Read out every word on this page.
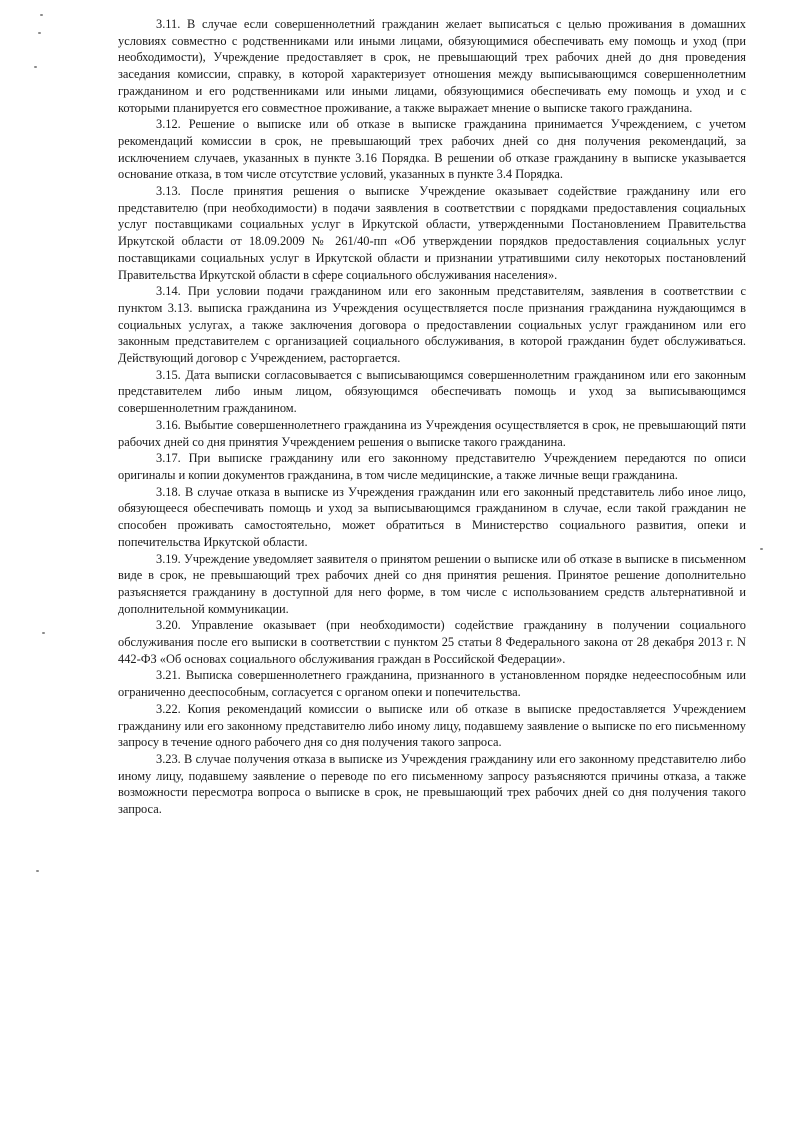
3.11. В случае если совершеннолетний гражданин желает выписаться с целью проживания в домашних условиях совместно с родственниками или иными лицами, обязующимися обеспечивать ему помощь и уход (при необходимости), Учреждение предоставляет в срок, не превышающий трех рабочих дней до дня проведения заседания комиссии, справку, в которой характеризует отношения между выписывающимся совершеннолетним гражданином и его родственниками или иными лицами, обязующимися обеспечивать ему помощь и уход и с которыми планируется его совместное проживание, а также выражает мнение о выписке такого гражданина.

3.12. Решение о выписке или об отказе в выписке гражданина принимается Учреждением, с учетом рекомендаций комиссии в срок, не превышающий трех рабочих дней со дня получения рекомендаций, за исключением случаев, указанных в пункте 3.16 Порядка. В решении об отказе гражданину в выписке указывается основание отказа, в том числе отсутствие условий, указанных в пункте 3.4 Порядка.

3.13. После принятия решения о выписке Учреждение оказывает содействие гражданину или его представителю (при необходимости) в подачи заявления в соответствии с порядками предоставления социальных услуг поставщиками социальных услуг в Иркутской области, утвержденными Постановлением Правительства Иркутской области от 18.09.2009 № 261/40-пп «Об утверждении порядков предоставления социальных услуг поставщиками социальных услуг в Иркутской области и признании утратившими силу некоторых постановлений Правительства Иркутской области в сфере социального обслуживания населения».

3.14. При условии подачи гражданином или его законным представителям, заявления в соответствии с пунктом 3.13. выписка гражданина из Учреждения осуществляется после признания гражданина нуждающимся в социальных услугах, а также заключения договора о предоставлении социальных услуг гражданином или его законным представителем с организацией социального обслуживания, в которой гражданин будет обслуживаться. Действующий договор с Учреждением, расторгается.

3.15. Дата выписки согласовывается с выписывающимся совершеннолетним гражданином или его законным представителем либо иным лицом, обязующимся обеспечивать помощь и уход за выписывающимся совершеннолетним гражданином.

3.16. Выбытие совершеннолетнего гражданина из Учреждения осуществляется в срок, не превышающий пяти рабочих дней со дня принятия Учреждением решения о выписке такого гражданина.

3.17. При выписке гражданину или его законному представителю Учреждением передаются по описи оригиналы и копии документов гражданина, в том числе медицинские, а также личные вещи гражданина.

3.18. В случае отказа в выписке из Учреждения гражданин или его законный представитель либо иное лицо, обязующееся обеспечивать помощь и уход за выписывающимся гражданином в случае, если такой гражданин не способен проживать самостоятельно, может обратиться в Министерство социального развития, опеки и попечительства Иркутской области.

3.19. Учреждение уведомляет заявителя о принятом решении о выписке или об отказе в выписке в письменном виде в срок, не превышающий трех рабочих дней со дня принятия решения. Принятое решение дополнительно разъясняется гражданину в доступной для него форме, в том числе с использованием средств альтернативной и дополнительной коммуникации.

3.20. Управление оказывает (при необходимости) содействие гражданину в получении социального обслуживания после его выписки в соответствии с пунктом 25 статьи 8 Федерального закона от 28 декабря 2013 г. N 442-ФЗ «Об основах социального обслуживания граждан в Российской Федерации».

3.21. Выписка совершеннолетнего гражданина, признанного в установленном порядке недееспособным или ограниченно дееспособным, согласуется с органом опеки и попечительства.

3.22. Копия рекомендаций комиссии о выписке или об отказе в выписке предоставляется Учреждением гражданину или его законному представителю либо иному лицу, подавшему заявление о выписке по его письменному запросу в течение одного рабочего дня со дня получения такого запроса.

3.23. В случае получения отказа в выписке из Учреждения гражданину или его законному представителю либо иному лицу, подавшему заявление о переводе по его письменному запросу разъясняются причины отказа, а также возможности пересмотра вопроса о выписке в срок, не превышающий трех рабочих дней со дня получения такого запроса.
